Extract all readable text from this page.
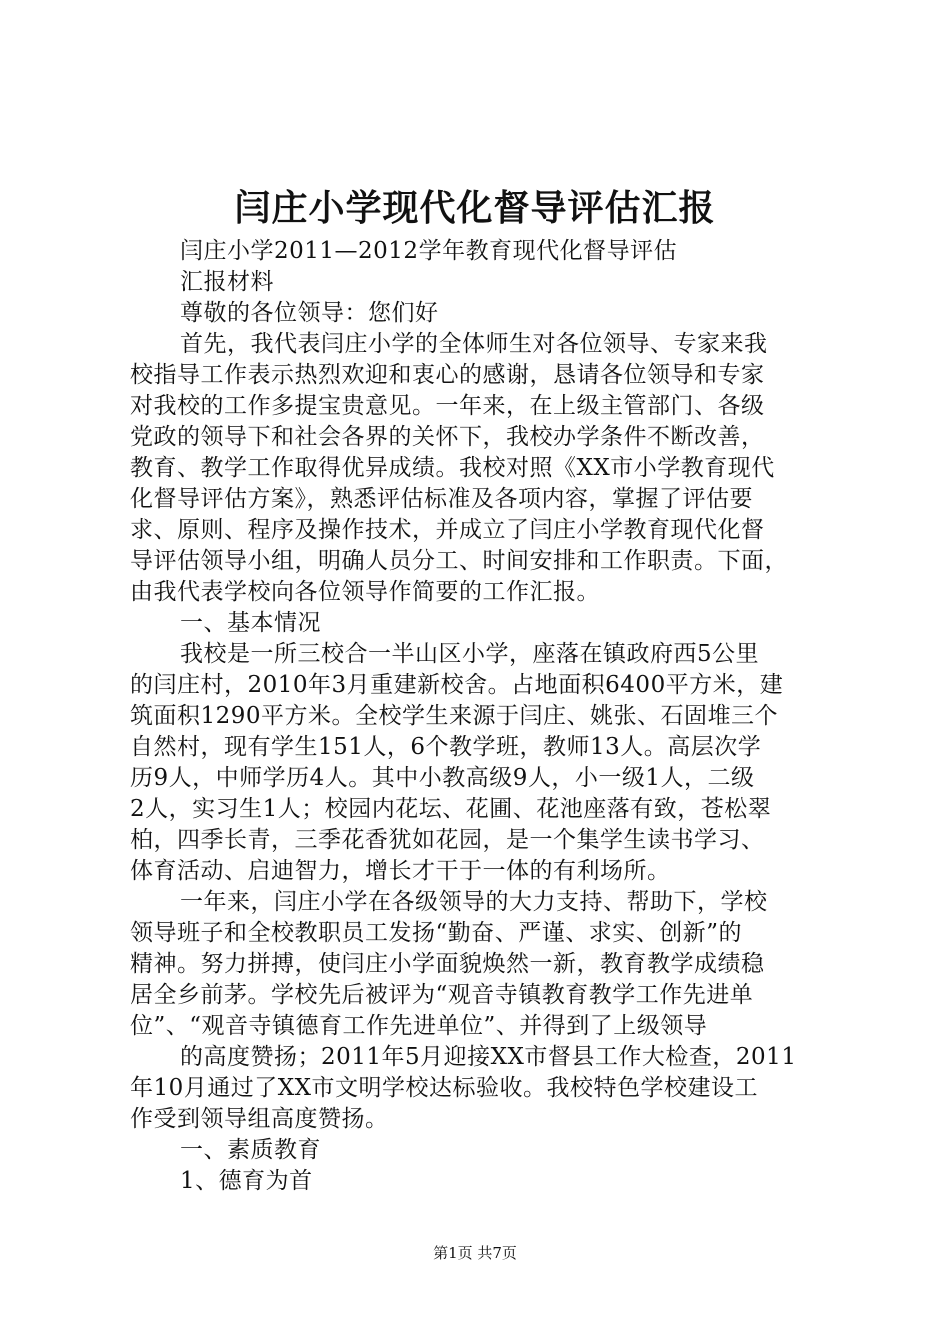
闫庄小学现代化督导评估汇报
闫庄小学2011—2012学年教育现代化督导评估
汇报材料
尊敬的各位领导：您们好
首先，我代表闫庄小学的全体师生对各位领导、专家来我
校指导工作表示热烈欢迎和衷心的感谢，恳请各位领导和专家
对我校的工作多提宝贵意见。一年来，在上级主管部门、各级
党政的领导下和社会各界的关怀下，我校办学条件不断改善，
教育、教学工作取得优异成绩。我校对照《XX市小学教育现代
化督导评估方案》，熟悉评估标准及各项内容，掌握了评估要
求、原则、程序及操作技术，并成立了闫庄小学教育现代化督
导评估领导小组，明确人员分工、时间安排和工作职责。下面，
由我代表学校向各位领导作简要的工作汇报。
一、基本情况
我校是一所三校合一半山区小学，座落在镇政府西5公里
的闫庄村，2010年3月重建新校舍。占地面积6400平方米，建
筑面积1290平方米。全校学生来源于闫庄、姚张、石固堆三个
自然村，现有学生151人，6个教学班，教师13人。高层次学
历9人，中师学历4人。其中小教高级9人，小一级1人，二级
2人，实习生1人；校园内花坛、花圃、花池座落有致，苍松翠
柏，四季长青，三季花香犹如花园，是一个集学生读书学习、
体育活动、启迪智力，增长才干于一体的有利场所。
一年来，闫庄小学在各级领导的大力支持、帮助下，学校
领导班子和全校教职员工发扬“勤奋、严谨、求实、创新”的
精神。努力拼搏，使闫庄小学面貌焕然一新，教育教学成绩稳
居全乡前茅。学校先后被评为“观音寺镇教育教学工作先进单
位”、“观音寺镇德育工作先进单位”、并得到了上级领导
的高度赞扬；2011年5月迎接XX市督县工作大检查，2011
年10月通过了XX市文明学校达标验收。我校特色学校建设工
作受到领导组高度赞扬。
一、素质教育
1、德育为首
第1页 共7页
